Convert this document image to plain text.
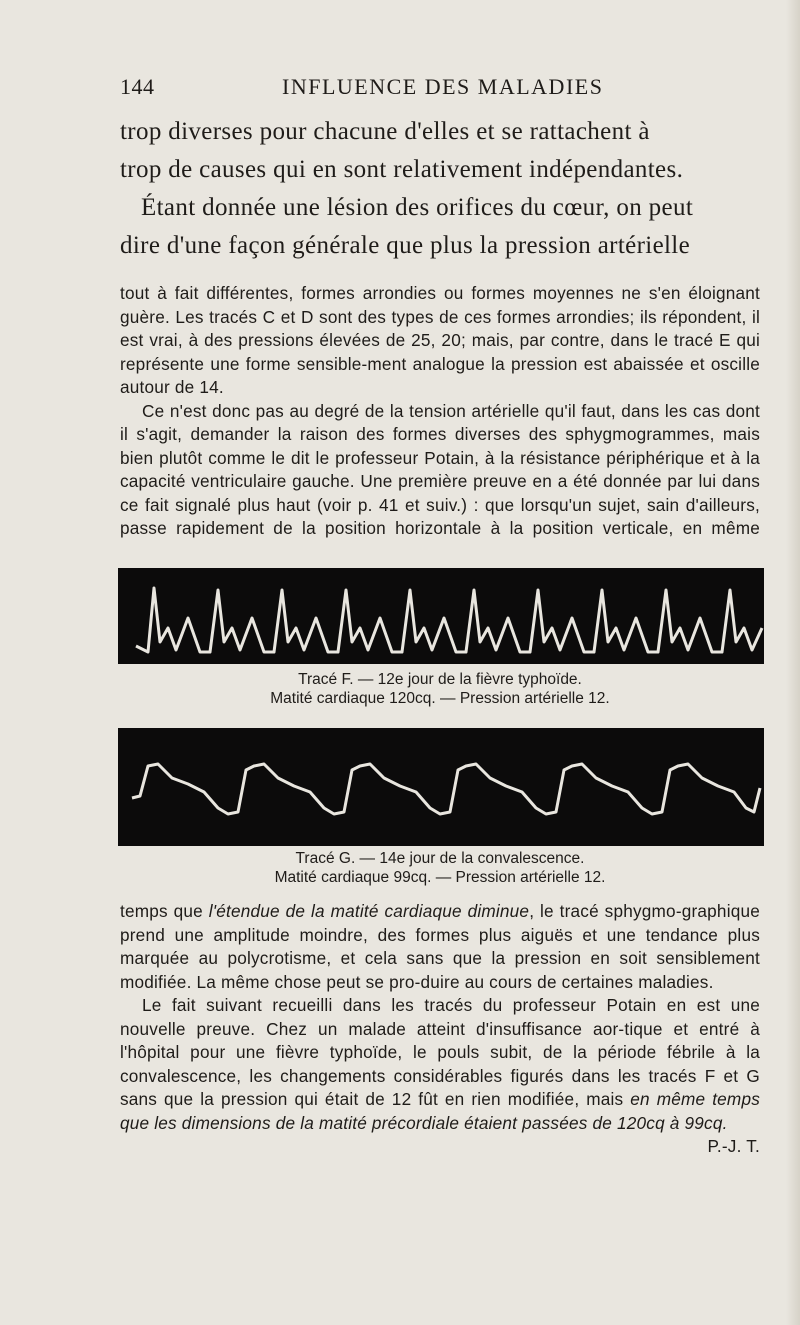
144	INFLUENCE DES MALADIES
trop diverses pour chacune d'elles et se rattachent à
trop de causes qui en sont relativement indépendantes.
Étant donnée une lésion des orifices du cœur, on peut
dire d'une façon générale que plus la pression artérielle

tout à fait différentes, formes arrondies ou formes moyennes ne s'en éloignant guère. Les tracés C et D sont des types de ces formes arrondies; ils répondent, il est vrai, à des pressions élevées de 25, 20; mais, par contre, dans le tracé E qui représente une forme sensible-ment analogue la pression est abaissée et oscille autour de 14.

Ce n'est donc pas au degré de la tension artérielle qu'il faut, dans les cas dont il s'agit, demander la raison des formes diverses des sphygmogrammes, mais bien plutôt comme le dit le professeur Potain, à la résistance périphérique et à la capacité ventriculaire gauche. Une première preuve en a été donnée par lui dans ce fait signalé plus haut (voir p. 41 et suiv.) : que lorsqu'un sujet, sain d'ailleurs, passe rapidement de la position horizontale à la position verticale, en même

Tracé F. — 12e jour de la fièvre typhoïde.
Matité cardiaque 120cq. — Pression artérielle 12.
Tracé G. — 14e jour de la convalescence.
Matité cardiaque 99cq. — Pression artérielle 12.

temps que l'étendue de la matité cardiaque diminue, le tracé sphygmo-graphique prend une amplitude moindre, des formes plus aiguës et une tendance plus marquée au polycrotisme, et cela sans que la pression en soit sensiblement modifiée. La même chose peut se pro-duire au cours de certaines maladies.

Le fait suivant recueilli dans les tracés du professeur Potain en est une nouvelle preuve. Chez un malade atteint d'insuffisance aor-tique et entré à l'hôpital pour une fièvre typhoïde, le pouls subit, de la période fébrile à la convalescence, les changements considérables figurés dans les tracés F et G sans que la pression qui était de 12 fût en rien modifiée, mais en même temps que les dimensions de la matité précordiale étaient passées de 120cq à 99cq.
P.-J. T.
